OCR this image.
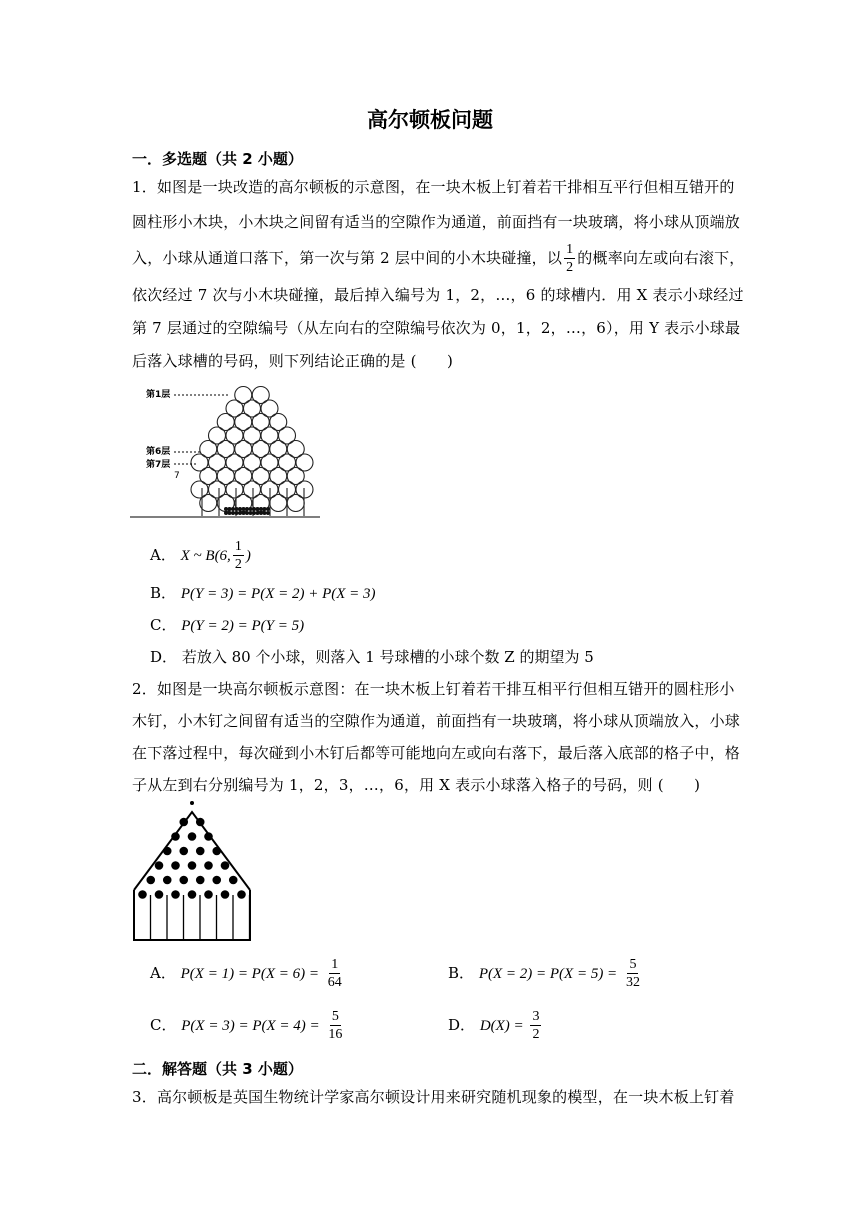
高尔顿板问题
一．多选题（共 2 小题）
1．如图是一块改造的高尔顿板的示意图，在一块木板上钉着若干排相互平行但相互错开的
圆柱形小木块，小木块之间留有适当的空隙作为通道，前面挡有一块玻璃，将小球从顶端放
入，小球从通道口落下，第一次与第 2 层中间的小木块碰撞，以 $\frac{1}{2}$ 的概率向左或向右滚下，
依次经过 7 次与小木块碰撞，最后掉入编号为 1，2，…，6 的球槽内．用 X 表示小球经过
第 7 层通过的空隙编号（从左向右的空隙编号依次为 0，1，2，…，6），用 Y 表示小球最
后落入球槽的号码，则下列结论正确的是 (　　)
第1层
第6层
第7层
7
A． X ~ B(6, $\frac{1}{2}$ )
B． P(Y = 3) = P(X = 2) + P(X = 3)
C． P(Y = 2) = P(Y = 5)
D． 若放入 80 个小球，则落入 1 号球槽的小球个数 Z 的期望为 5
2．如图是一块高尔顿板示意图：在一块木板上钉着若干排互相平行但相互错开的圆柱形小
木钉，小木钉之间留有适当的空隙作为通道，前面挡有一块玻璃，将小球从顶端放入，小球
在下落过程中，每次碰到小木钉后都等可能地向左或向右落下，最后落入底部的格子中，格
子从左到右分别编号为 1，2，3，…，6，用 X 表示小球落入格子的号码，则 (　　)
A． $P(X = 1) = P(X = 6) = \frac{1}{64}$	B． $P(X = 2) = P(X = 5) = \frac{5}{32}$
C． $P(X = 3) = P(X = 4) = \frac{5}{16}$	D． $D(X) = \frac{3}{2}$
二．解答题（共 3 小题）
3．高尔顿板是英国生物统计学家高尔顿设计用来研究随机现象的模型，在一块木板上钉着
